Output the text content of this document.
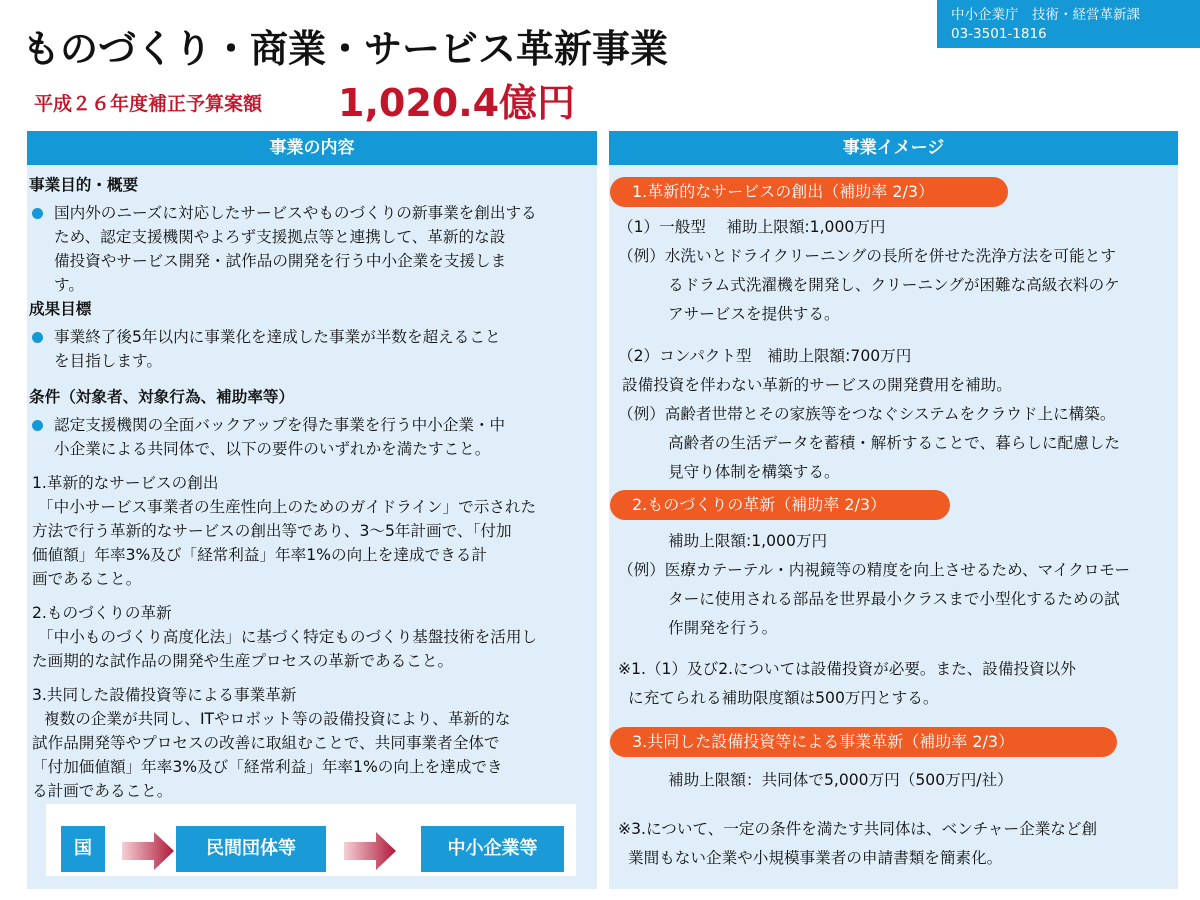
ものづくり・商業・サービス革新事業
平成２６年度補正予算案額 1,020.4億円
中小企業庁　技術・経営革新課
03-3501-1816
事業の内容
事業目的・概要
国内外のニーズに対応したサービスやものづくりの新事業を創出する
ため、認定支援機関やよろず支援拠点等と連携して、革新的な設
備投資やサービス開発・試作品の開発を行う中小企業を支援しま
す。
成果目標
事業終了後5年以内に事業化を達成した事業が半数を超えること
を目指します。
条件（対象者、対象行為、補助率等）
認定支援機関の全面バックアップを得た事業を行う中小企業・中
小企業による共同体で、以下の要件のいずれかを満たすこと。
1.革新的なサービスの創出
「中小サービス事業者の生産性向上のためのガイドライン」で示された
方法で行う革新的なサービスの創出等であり、3～5年計画で、「付加
価値額」年率3%及び「経常利益」年率1%の向上を達成できる計
画であること。
2.ものづくりの革新
「中小ものづくり高度化法」に基づく特定ものづくり基盤技術を活用し
た画期的な試作品の開発や生産プロセスの革新であること。
3.共同した設備投資等による事業革新
複数の企業が共同し、ITやロボット等の設備投資により、革新的な
試作品開発等やプロセスの改善に取組むことで、共同事業者全体で
「付加価値額」年率3%及び「経常利益」年率1%の向上を達成でき
る計画であること。
国	民間団体等	中小企業等
事業イメージ
1.革新的なサービスの創出（補助率 2/3）
（1）一般型　 補助上限額:1,000万円
（例）水洗いとドライクリーニングの長所を併せた洗浄方法を可能とす
るドラム式洗濯機を開発し、クリーニングが困難な高級衣料のケ
アサービスを提供する。
（2）コンパクト型　補助上限額:700万円
設備投資を伴わない革新的サービスの開発費用を補助。
（例）高齢者世帯とその家族等をつなぐシステムをクラウド上に構築。
高齢者の生活データを蓄積・解析することで、暮らしに配慮した
見守り体制を構築する。
2.ものづくりの革新（補助率 2/3）
補助上限額:1,000万円
（例）医療カテーテル・内視鏡等の精度を向上させるため、マイクロモー
ターに使用される部品を世界最小クラスまで小型化するための試
作開発を行う。
※1.（1）及び2.については設備投資が必要。また、設備投資以外
に充てられる補助限度額は500万円とする。
3.共同した設備投資等による事業革新（補助率 2/3）
補助上限額：共同体で5,000万円（500万円/社）
※3.について、一定の条件を満たす共同体は、ベンチャー企業など創
業間もない企業や小規模事業者の申請書類を簡素化。
